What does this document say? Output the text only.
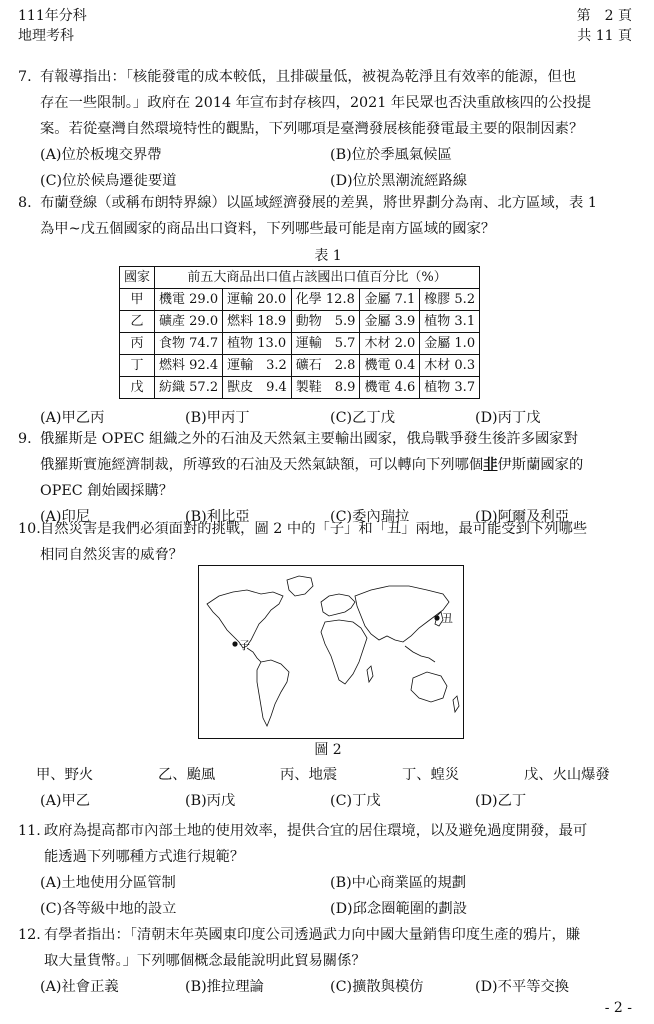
111年分科
地理考科
第　2 頁
共 11 頁
7. 有報導指出：「核能發電的成本較低，且排碳量低，被視為乾淨且有效率的能源，但也
存在一些限制。」政府在 2014 年宣布封存核四，2021 年民眾也否決重啟核四的公投提
案。若從臺灣自然環境特性的觀點，下列哪項是臺灣發展核能發電最主要的限制因素？
(A)位於板塊交界帶	(B)位於季風氣候區
(C)位於候鳥遷徙要道	(D)位於黑潮流經路線
8. 布蘭登線（或稱布朗特界線）以區域經濟發展的差異，將世界劃分為南、北方區域，表 1
為甲~戊五個國家的商品出口資料，下列哪些最可能是南方區域的國家？
表 1
國家	前五大商品出口值占該國出口值百分比（%）				
甲	機電 29.0	運輸 20.0	化學 12.8	金屬 7.1	橡膠 5.2
乙	礦產 29.0	燃料 18.9	動物　5.9	金屬 3.9	植物 3.1
丙	食物 74.7	植物 13.0	運輸　5.7	木材 2.0	金屬 1.0
丁	燃料 92.4	運輸　3.2	礦石　2.8	機電 0.4	木材 0.3
戊	紡織 57.2	獸皮　9.4	製鞋　8.9	機電 4.6	植物 3.7
(A)甲乙丙	(B)甲丙丁	(C)乙丁戊	(D)丙丁戊
9. 俄羅斯是 OPEC 組織之外的石油及天然氣主要輸出國家，俄烏戰爭發生後許多國家對
俄羅斯實施經濟制裁，所導致的石油及天然氣缺額，可以轉向下列哪個非伊斯蘭國家的
OPEC 創始國採購？
(A)印尼	(B)利比亞	(C)委內瑞拉	(D)阿爾及利亞
10. 自然災害是我們必須面對的挑戰，圖 2 中的「子」和「丑」兩地，最可能受到下列哪些
相同自然災害的威脅？
子
丑
圖 2
甲、野火	乙、颱風	丙、地震	丁、蝗災	戊、火山爆發
(A)甲乙	(B)丙戊	(C)丁戊	(D)乙丁
11. 政府為提高都市內部土地的使用效率，提供合宜的居住環境，以及避免過度開發，最可
能透過下列哪種方式進行規範？
(A)土地使用分區管制	(B)中心商業區的規劃
(C)各等級中地的設立	(D)邱念圈範圍的劃設
12. 有學者指出：「清朝末年英國東印度公司透過武力向中國大量銷售印度生產的鴉片，賺
取大量貨幣。」下列哪個概念最能說明此貿易關係？
(A)社會正義	(B)推拉理論	(C)擴散與模仿	(D)不平等交換
- 2 -
